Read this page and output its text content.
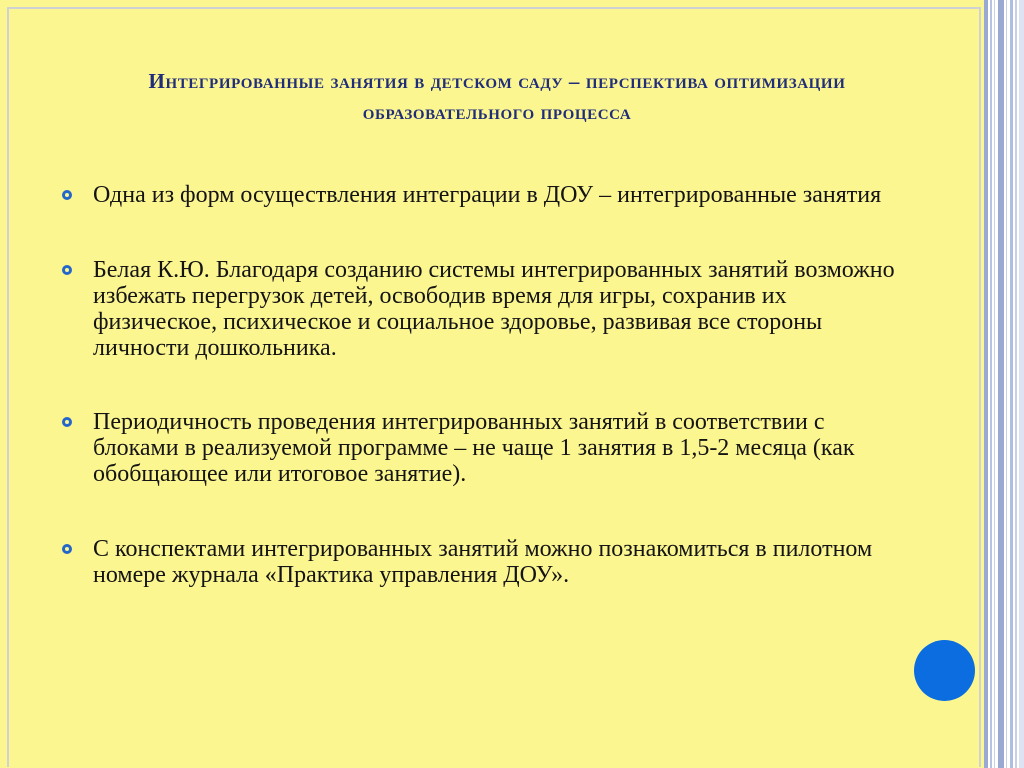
Интегрированные занятия в детском саду – перспектива оптимизации образовательного процесса
Одна из форм осуществления интеграции в ДОУ – интегрированные занятия
Белая К.Ю. Благодаря созданию системы интегрированных занятий возможно избежать перегрузок детей, освободив время для игры, сохранив их физическое, психическое и социальное здоровье, развивая все стороны личности дошкольника.
Периодичность проведения интегрированных занятий в соответствии с блоками в реализуемой программе – не чаще 1 занятия в 1,5-2 месяца (как обобщающее или итоговое занятие).
С конспектами интегрированных занятий можно познакомиться в пилотном номере журнала «Практика управления ДОУ».
